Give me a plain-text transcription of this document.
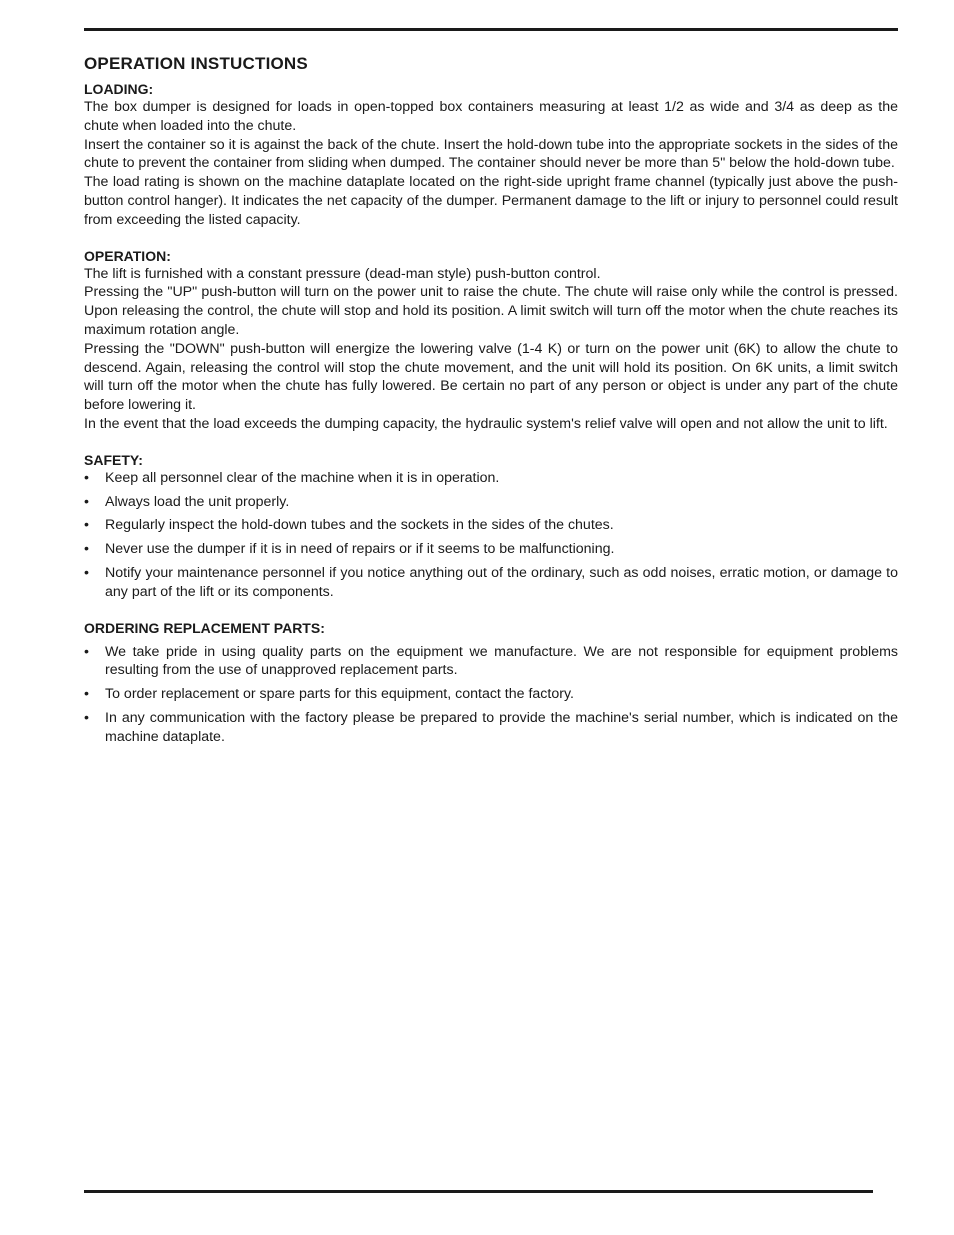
OPERATION INSTUCTIONS
LOADING:

The box dumper is designed for loads in open-topped box containers measuring at least 1/2 as wide and 3/4 as deep as the chute when loaded into the chute.

Insert the container so it is against the back of the chute. Insert the hold-down tube into the appropriate sockets in the sides of the chute to prevent the container from sliding when dumped. The container should never be more than 5" below the hold-down tube.

The load rating is shown on the machine dataplate located on the right-side upright frame channel (typically just above the push-button control hanger). It indicates the net capacity of the dumper. Permanent damage to the lift or injury to personnel could result from exceeding the listed capacity.

OPERATION:

The lift is furnished with a constant pressure (dead-man style) push-button control.

Pressing the "UP" push-button will turn on the power unit to raise the chute. The chute will raise only while the control is pressed. Upon releasing the control, the chute will stop and hold its position. A limit switch will turn off the motor when the chute reaches its maximum rotation angle.

Pressing the "DOWN" push-button will energize the lowering valve (1-4 K) or turn on the power unit (6K) to allow the chute to descend. Again, releasing the control will stop the chute movement, and the unit will hold its position. On 6K units, a limit switch will turn off the motor when the chute has fully lowered. Be certain no part of any person or object is under any part of the chute before lowering it.

In the event that the load exceeds the dumping capacity, the hydraulic system's relief valve will open and not allow the unit to lift.

SAFETY:
•	Keep all personnel clear of the machine when it is in operation.
•	Always load the unit properly.
•	Regularly inspect the hold-down tubes and the sockets in the sides of the chutes.
•	Never use the dumper if it is in need of repairs or if it seems to be malfunctioning.
•	Notify your maintenance personnel if you notice anything out of the ordinary, such as odd noises, erratic motion, or damage to any part of the lift or its components.
ORDERING REPLACEMENT PARTS:
•	We take pride in using quality parts on the equipment we manufacture. We are not responsible for equipment problems resulting from the use of unapproved replacement parts.
•	To order replacement or spare parts for this equipment, contact the factory.
•	In any communication with the factory please be prepared to provide the machine's serial number, which is indicated on the machine dataplate.
